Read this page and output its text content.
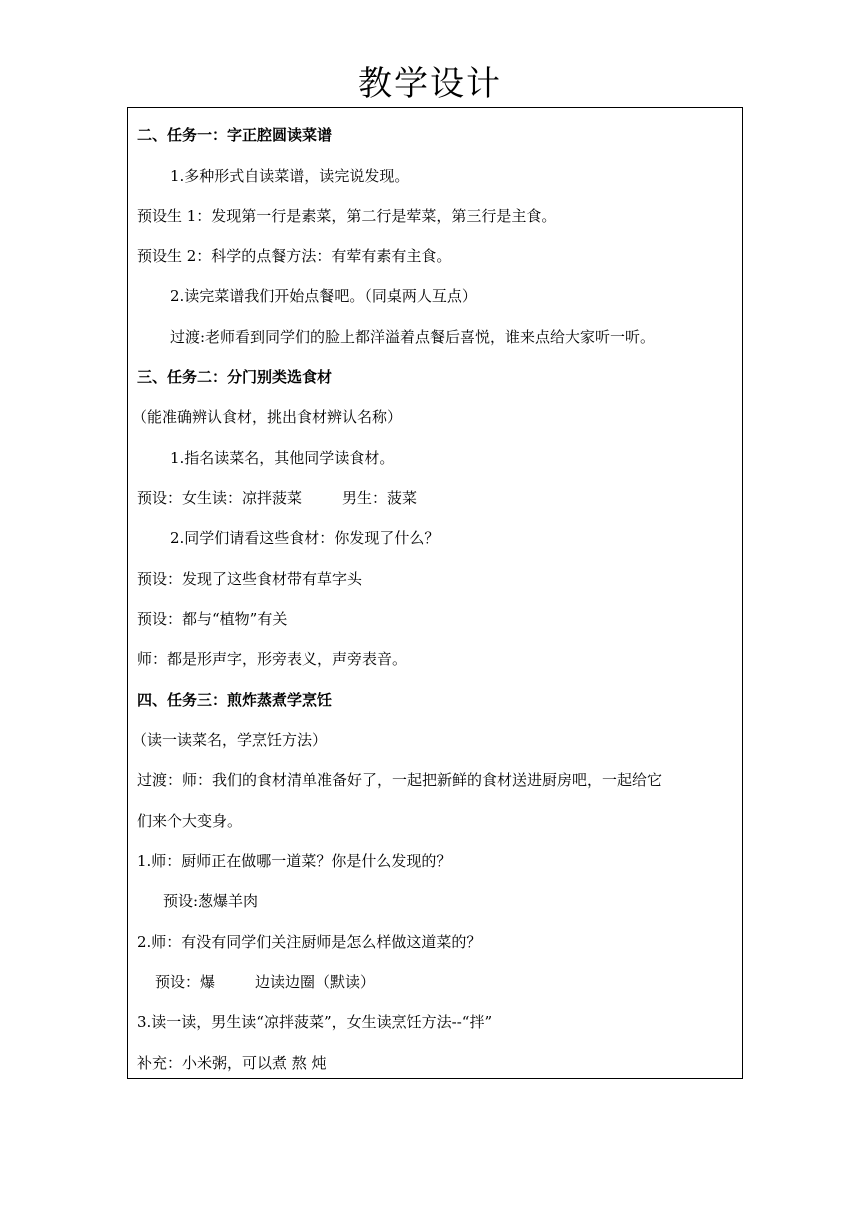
教学设计
二、任务一：字正腔圆读菜谱
1.多种形式自读菜谱，读完说发现。
预设生 1：发现第一行是素菜，第二行是荤菜，第三行是主食。
预设生 2：科学的点餐方法：有荤有素有主食。
2.读完菜谱我们开始点餐吧。（同桌两人互点）
过渡:老师看到同学们的脸上都洋溢着点餐后喜悦，谁来点给大家听一听。
三、任务二：分门别类选食材
（能准确辨认食材，挑出食材辨认名称）
1.指名读菜名，其他同学读食材。
预设：女生读：凉拌菠菜	男生：菠菜
2.同学们请看这些食材：你发现了什么？
预设：发现了这些食材带有草字头
预设：都与“植物”有关
师：都是形声字，形旁表义，声旁表音。
四、任务三：煎炸蒸煮学烹饪
（读一读菜名，学烹饪方法）
过渡：师：我们的食材清单准备好了，一起把新鲜的食材送进厨房吧，一起给它
们来个大变身。
1.师：厨师正在做哪一道菜？你是什么发现的？
预设:葱爆羊肉
2.师：有没有同学们关注厨师是怎么样做这道菜的？
预设：爆	边读边圈（默读）
3.读一读，男生读“凉拌菠菜”，女生读烹饪方法--“拌”
补充：小米粥，可以煮 熬 炖
